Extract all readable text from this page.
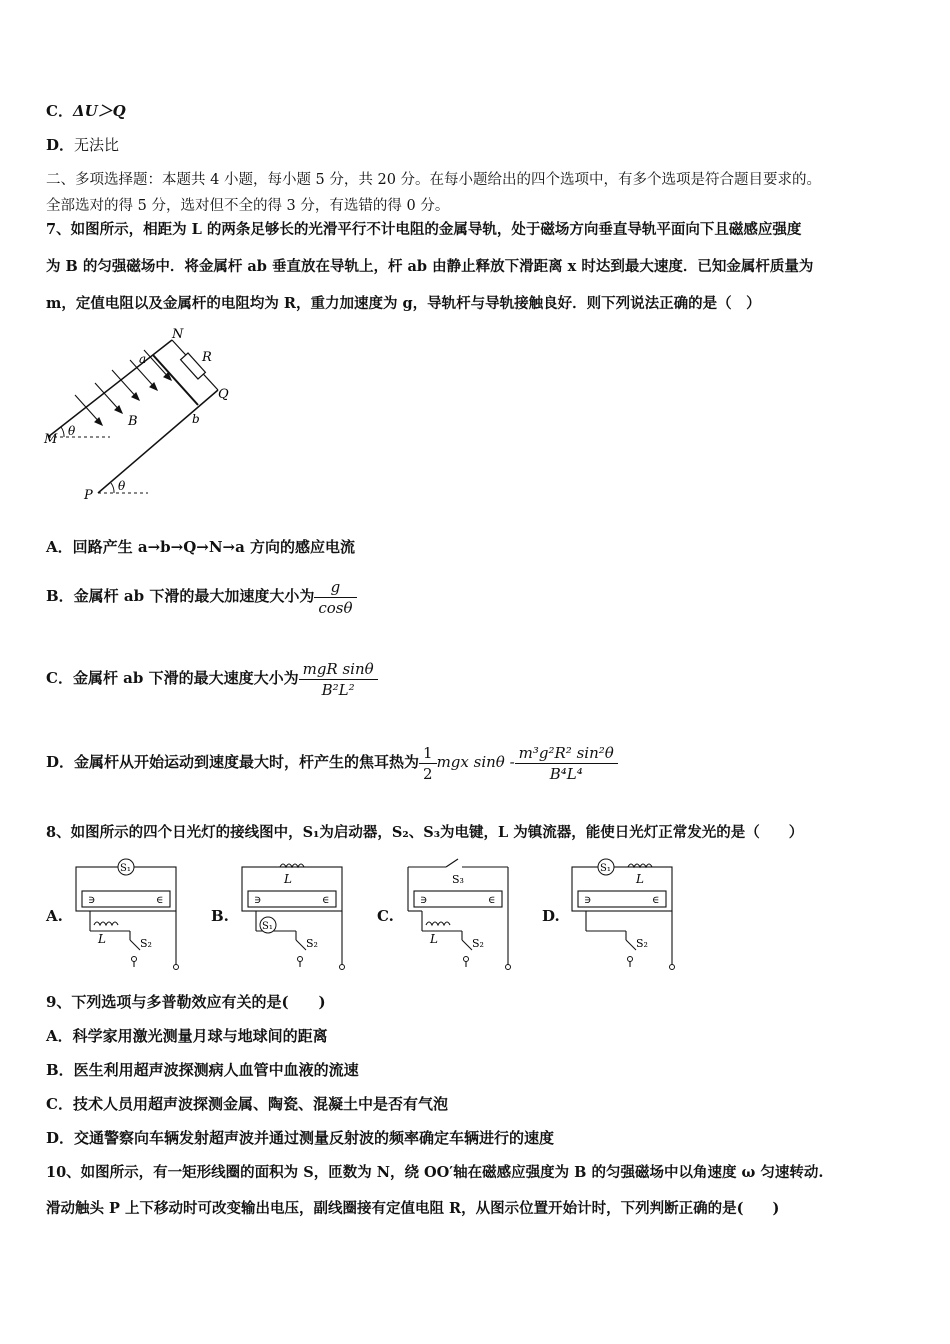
C．ΔU＞Q
D．无法比
二、多项选择题：本题共 4 小题，每小题 5 分，共 20 分。在每小题给出的四个选项中，有多个选项是符合题目要求的。
全部选对的得 5 分，选对但不全的得 3 分，有选错的得 0 分。
7、如图所示，相距为 L 的两条足够长的光滑平行不计电阻的金属导轨，处于磁场方向垂直导轨平面向下且磁感应强度
为 B 的匀强磁场中．将金属杆 ab 垂直放在导轨上，杆 ab 由静止释放下滑距离 x 时达到最大速度．已知金属杆质量为
m，定值电阻以及金属杆的电阻均为 R，重力加速度为 g，导轨杆与导轨接触良好．则下列说法正确的是（　）
N
a	R
Q
B	b
M
θ
P
θ
A．回路产生 a→b→Q→N→a 方向的感应电流
B．金属杆 ab 下滑的最大加速度大小为 $\frac{g}{\cos\theta}$
C．金属杆 ab 下滑的最大速度大小为 $\frac{\text{mgR sinθ}}{\text{B²L²}}$
D．金属杆从开始运动到速度最大时，杆产生的焦耳热为 $\frac{1}{2}$ mgx sinθ - $\frac{\text{m³g²R² sin²θ}}{\text{B⁴L⁴}}$
8、如图所示的四个日光灯的接线图中，S₁为启动器，S₂、S₃为电键，L 为镇流器，能使日光灯正常发光的是（　　）
A.	B.	C.	D.
S₁
∋	∈
L	S₂
S₁
∋	∈
L
S₂
∋	∈
S₃
L	S₂
S₁
∋	∈
L
S₂
9、下列选项与多普勒效应有关的是(　　)
A．科学家用激光测量月球与地球间的距离
B．医生利用超声波探测病人血管中血液的流速
C．技术人员用超声波探测金属、陶瓷、混凝土中是否有气泡
D．交通警察向车辆发射超声波并通过测量反射波的频率确定车辆进行的速度
10、如图所示，有一矩形线圈的面积为 S，匝数为 N，绕 OO′轴在磁感应强度为 B 的匀强磁场中以角速度 ω 匀速转动.
滑动触头 P 上下移动时可改变输出电压，副线圈接有定值电阻 R，从图示位置开始计时，下列判断正确的是(　　)
